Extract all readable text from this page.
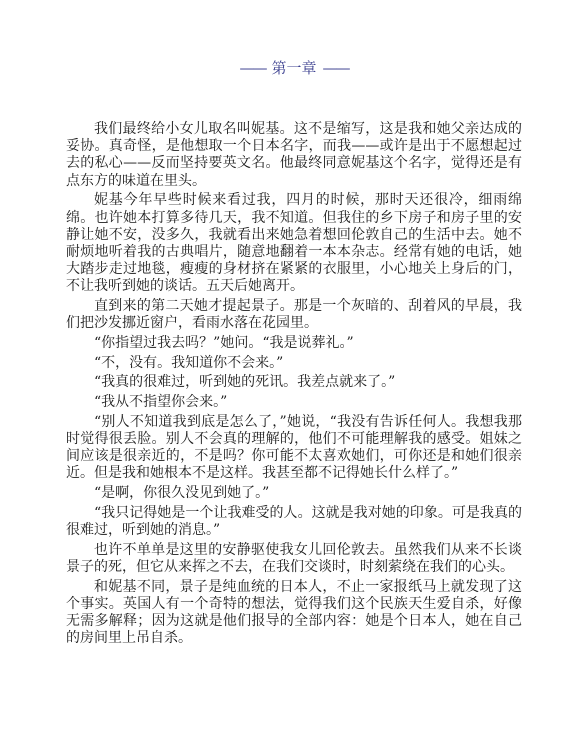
—— 第一章 ——

我们最终给小女儿取名叫妮基。这不是缩写，这是我和她父亲达成的妥协。真奇怪，是他想取一个日本名字，而我——或许是出于不愿想起过去的私心——反而坚持要英文名。他最终同意妮基这个名字，觉得还是有点东方的味道在里头。

妮基今年早些时候来看过我，四月的时候，那时天还很冷，细雨绵绵。也许她本打算多待几天，我不知道。但我住的乡下房子和房子里的安静让她不安，没多久，我就看出来她急着想回伦敦自己的生活中去。她不耐烦地听着我的古典唱片，随意地翻着一本本杂志。经常有她的电话，她大踏步走过地毯，瘦瘦的身材挤在紧紧的衣服里，小心地关上身后的门，不让我听到她的谈话。五天后她离开。

直到来的第二天她才提起景子。那是一个灰暗的、刮着风的早晨，我们把沙发挪近窗户，看雨水落在花园里。

“你指望过我去吗？”她问。“我是说葬礼。”

“不，没有。我知道你不会来。”

“我真的很难过，听到她的死讯。我差点就来了。”

“我从不指望你会来。”

“别人不知道我到底是怎么了，”她说，“我没有告诉任何人。我想我那时觉得很丢脸。别人不会真的理解的，他们不可能理解我的感受。姐妹之间应该是很亲近的，不是吗？你可能不太喜欢她们，可你还是和她们很亲近。但是我和她根本不是这样。我甚至都不记得她长什么样了。”

“是啊，你很久没见到她了。”

“我只记得她是一个让我难受的人。这就是我对她的印象。可是我真的很难过，听到她的消息。”

也许不单单是这里的安静驱使我女儿回伦敦去。虽然我们从来不长谈景子的死，但它从来挥之不去，在我们交谈时，时刻萦绕在我们的心头。

和妮基不同，景子是纯血统的日本人，不止一家报纸马上就发现了这个事实。英国人有一个奇特的想法，觉得我们这个民族天生爱自杀，好像无需多解释；因为这就是他们报导的全部内容：她是个日本人，她在自己的房间里上吊自杀。
